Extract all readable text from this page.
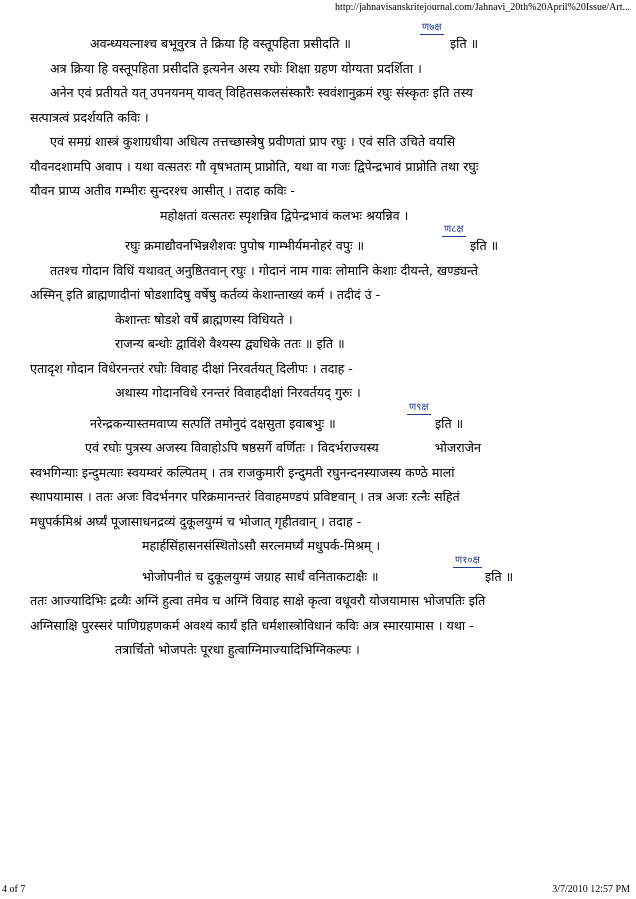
http://jahnavisanskritejournal.com/Jahnavi_20th%20April%20Issue/Art...
अवन्ध्ययत्नाश्च बभूवुरत्र ते क्रिया हि वस्तूपहिता प्रसीदति ॥
ण७क्ष
इति ॥
अत्र क्रिया हि वस्तूपहिता प्रसीदति इत्यनेन अस्य रघोः शिक्षा ग्रहण योग्यता प्रदर्शिता ।
अनेन एवं प्रतीयते यत् उपनयनम् यावत् विहितसकलसंस्कारैः स्ववंशानुक्रमं रघुः संस्कृतः इति तस्य
सत्पात्रत्वं प्रदर्शयति कविः ।
एवं समग्रं शास्त्रं कुशाग्रधीया अधित्य तत्तच्छास्त्रेषु प्रवीणतां प्राप रघुः । एवं सति उचिते वयसि
यौवनदशामपि अवाप । यथा वत्सतरः गौ वृषभताम् प्राप्नोति, यथा वा गजः द्विपेन्द्रभावं प्राप्नोति तथा रघुः
यौवन प्राप्य अतीव गम्भीरः सुन्दरश्च आसीत् । तदाह कविः -
महोक्षतां वत्सतरः स्पृशन्निव द्विपेन्द्रभावं कलभः श्रयन्निव ।
रघुः क्रमाद्यौवनभिन्नशैशवः पुपोष गाम्भीर्यमनोहरं वपुः ॥
ण८क्ष
इति ॥
ततश्च गोदान विधिं यथावत् अनुष्ठितवान् रघुः । गोदानं नाम गावः लोमानि केशाः दीयन्ते, खण्ड्यन्ते
अस्मिन् इति ब्राह्मणादीनां षोडशादिषु वर्षेषु कर्तव्यं केशान्ताख्यं कर्म । तदीदं उं -
केशान्तः षोडशे वर्षे ब्राह्मणस्य विधियते ।
राजन्य बन्धोः द्वाविंशे वैश्यस्य द्व्यधिके ततः ॥ इति ॥
एतादृश गोदान विधेरनन्तरं रघोः विवाह दीक्षां निरवर्तयत् दिलीपः । तदाह -
अथास्य गोदानविधे रनन्तरं विवाहदीक्षां निरवर्तयद् गुरुः ।
नरेन्द्रकन्यास्तमवाप्य सत्पतिं तमोनुदं दक्षसुता इवाबभुः ॥
ण९क्ष
इति ॥
एवं रघोः पुत्रस्य अजस्य विवाहोऽपि षष्ठसर्गे वर्णितः । विदर्भराज्यस्य	भोजराजेन
स्वभगिन्याः इन्दुमत्याः स्वयम्वरं कल्पितम् । तत्र राजकुमारी इन्दुमती रघुनन्दनस्याजस्य कण्ठे मालां
स्थापयामास । ततः अजः विदर्भनगर परिक्रमानन्तरं विवाहमण्डपं प्रविष्टवान् । तत्र अजः रत्नैः सहितं
मधुपर्कमिश्रं अर्घ्यं पूजासाधनद्रव्यं दुकूलयुग्मं च भोजात् गृहीतवान् । तदाह -
महार्हसिंहासनसंस्थितोऽसौ सरत्नमर्घ्यं मधुपर्क-मिश्रम् ।
भोजोपनीतं च दुकूलयुग्मं जग्राह सार्धं वनिताकटाक्षैः ॥
ण१०क्ष
इति ॥
ततः आज्यादिभिः द्रव्यैः अग्निं हुत्वा तमेव च अग्निं विवाह साक्षे कृत्वा वधूवरौ योजयामास भोजपतिः इति
अग्निसाक्षि पुरस्सरं पाणिग्रहणकर्म अवश्यं कार्यं इति धर्मशास्त्रोविधानं कविः अत्र स्मारयामास । यथा -
तत्रार्चितो भोजपतेः पूरधा हुत्वाग्निमाज्यादिभिग्निकल्पः ।
4 of 7	3/7/2010 12:57 PM
